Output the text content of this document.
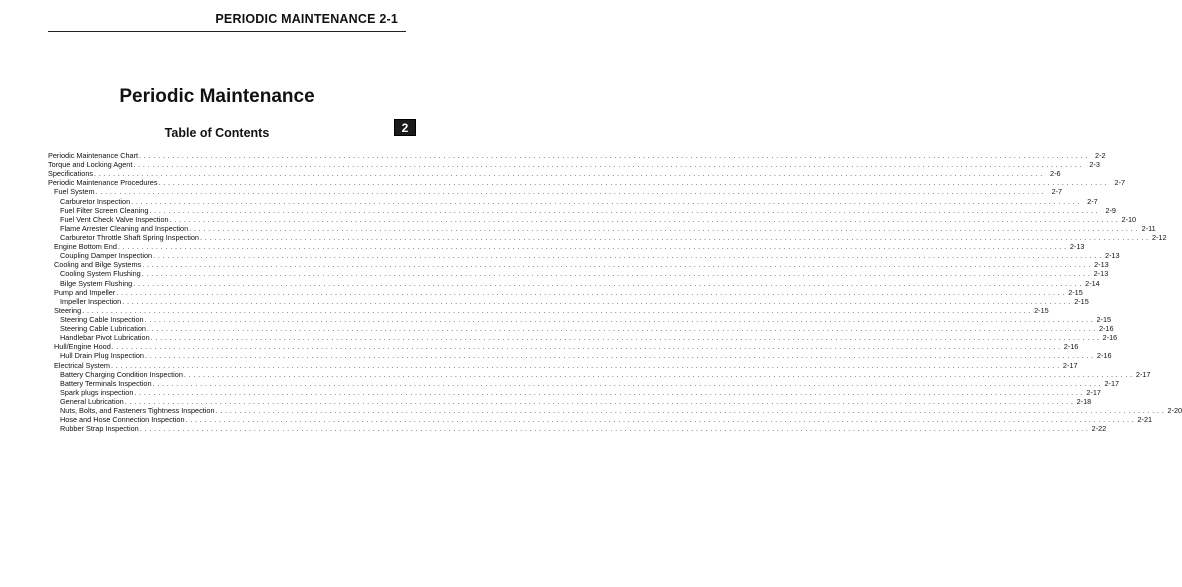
PERIODIC MAINTENANCE 2-1
2
Periodic Maintenance
Table of Contents
Periodic Maintenance Chart . . . . . . . . . . . . . . . . . . . . . . . . . . . . . . . . . . . . . . . . . . . . . . . . . . . . . . . . . . . . . . . . . . . . . . . . . . . . . . . . . . . . . . . . . . . . . . . . . . . . . . . . . . . . . . . . . . . . . . . . . . . . . . . . . . . . . . . . . . . . . . . . . . . . . . . . . . . . . . . . . . . . . . . . . . . . . . . . . . . . . . . . . . . . . . . . . . . . . . . .	2-2
Torque and Locking Agent . . . . . . . . . . . . . . . . . . . . . . . . . . . . . . . . . . . . . . . . . . . . . . . . . . . . . . . . . . . . . . . . . . . . . . . . . . . . . . . . . . . . . . . . . . . . . . . . . . . . . . . . . . . . . . . . . . . . . . . . . . . . . . . . . . . . . . . . . . . . . . . . . . . . . . . . . . . . . . . . . . . . . . . . . . . . . . . . . . . . . . . . . . . . . . . . . . . . . . . .	2-3
Specifications . . . . . . . . . . . . . . . . . . . . . . . . . . . . . . . . . . . . . . . . . . . . . . . . . . . . . . . . . . . . . . . . . . . . . . . . . . . . . . . . . . . . . . . . . . . . . . . . . . . . . . . . . . . . . . . . . . . . . . . . . . . . . . . . . . . . . . . . . . . . . . . . . . . . . . . . . . . . . . . . . . . . . . . . . . . . . . . . . . . . . . . . . . . . . . . . . . . . . . . .	2-6
Periodic Maintenance Procedures . . . . . . . . . . . . . . . . . . . . . . . . . . . . . . . . . . . . . . . . . . . . . . . . . . . . . . . . . . . . . . . . . . . . . . . . . . . . . . . . . . . . . . . . . . . . . . . . . . . . . . . . . . . . . . . . . . . . . . . . . . . . . . . . . . . . . . . . . . . . . . . . . . . . . . . . . . . . . . . . . . . . . . . . . . . . . . . . . . . . . . . . . . . . . . . . . . . . . . . .	2-7
Fuel System . . . . . . . . . . . . . . . . . . . . . . . . . . . . . . . . . . . . . . . . . . . . . . . . . . . . . . . . . . . . . . . . . . . . . . . . . . . . . . . . . . . . . . . . . . . . . . . . . . . . . . . . . . . . . . . . . . . . . . . . . . . . . . . . . . . . . . . . . . . . . . . . . . . . . . . . . . . . . . . . . . . . . . . . . . . . . . . . . . . . . . . . . . . . . . . . . . . . . . . .	2-7
Carburetor Inspection . . . . . . . . . . . . . . . . . . . . . . . . . . . . . . . . . . . . . . . . . . . . . . . . . . . . . . . . . . . . . . . . . . . . . . . . . . . . . . . . . . . . . . . . . . . . . . . . . . . . . . . . . . . . . . . . . . . . . . . . . . . . . . . . . . . . . . . . . . . . . . . . . . . . . . . . . . . . . . . . . . . . . . . . . . . . . . . . . . . . . . . . . . . . . . . . . . . . . . . .	2-7
Fuel Filter Screen Cleaning . . . . . . . . . . . . . . . . . . . . . . . . . . . . . . . . . . . . . . . . . . . . . . . . . . . . . . . . . . . . . . . . . . . . . . . . . . . . . . . . . . . . . . . . . . . . . . . . . . . . . . . . . . . . . . . . . . . . . . . . . . . . . . . . . . . . . . . . . . . . . . . . . . . . . . . . . . . . . . . . . . . . . . . . . . . . . . . . . . . . . . . . . . . . . . . . . . . . . . . .	2-9
Fuel Vent Check Valve Inspection . . . . . . . . . . . . . . . . . . . . . . . . . . . . . . . . . . . . . . . . . . . . . . . . . . . . . . . . . . . . . . . . . . . . . . . . . . . . . . . . . . . . . . . . . . . . . . . . . . . . . . . . . . . . . . . . . . . . . . . . . . . . . . . . . . . . . . . . . . . . . . . . . . . . . . . . . . . . . . . . . . . . . . . . . . . . . . . . . . . . . . . . . . . . . . . . . . . . . . . . 2-10
Flame Arrester Cleaning and Inspection . . . . . . . . . . . . . . . . . . . . . . . . . . . . . . . . . . . . . . . . . . . . . . . . . . . . . . . . . . . . . . . . . . . . . . . . . . . . . . . . . . . . . . . . . . . . . . . . . . . . . . . . . . . . . . . . . . . . . . . . . . . . . . . . . . . . . . . . . . . . . . . . . . . . . . . . . . . . . . . . . . . . . . . . . . . . . . . . . . . . . . . . . . . . . . . . . . . . . . . . 2-11
Carburetor Throttle Shaft Spring Inspection . . . . . . . . . . . . . . . . . . . . . . . . . . . . . . . . . . . . . . . . . . . . . . . . . . . . . . . . . . . . . . . . . . . . . . . . . . . . . . . . . . . . . . . . . . . . . . . . . . . . . . . . . . . . . . . . . . . . . . . . . . . . . . . . . . . . . . . . . . . . . . . . . . . . . . . . . . . . . . . . . . . . . . . . . . . . . . . . . . . . . . . . . . . . . . . . . . . . . . . . 2-12
Engine Bottom End . . . . . . . . . . . . . . . . . . . . . . . . . . . . . . . . . . . . . . . . . . . . . . . . . . . . . . . . . . . . . . . . . . . . . . . . . . . . . . . . . . . . . . . . . . . . . . . . . . . . . . . . . . . . . . . . . . . . . . . . . . . . . . . . . . . . . . . . . . . . . . . . . . . . . . . . . . . . . . . . . . . . . . . . . . . . . . . . . . . . . . . . . . . . . . . . . . . . . . . . 2-13
Coupling Damper Inspection . . . . . . . . . . . . . . . . . . . . . . . . . . . . . . . . . . . . . . . . . . . . . . . . . . . . . . . . . . . . . . . . . . . . . . . . . . . . . . . . . . . . . . . . . . . . . . . . . . . . . . . . . . . . . . . . . . . . . . . . . . . . . . . . . . . . . . . . . . . . . . . . . . . . . . . . . . . . . . . . . . . . . . . . . . . . . . . . . . . . . . . . . . . . . . . . . . . . . . . . 2-13
Cooling and Bilge Systems . . . . . . . . . . . . . . . . . . . . . . . . . . . . . . . . . . . . . . . . . . . . . . . . . . . . . . . . . . . . . . . . . . . . . . . . . . . . . . . . . . . . . . . . . . . . . . . . . . . . . . . . . . . . . . . . . . . . . . . . . . . . . . . . . . . . . . . . . . . . . . . . . . . . . . . . . . . . . . . . . . . . . . . . . . . . . . . . . . . . . . . . . . . . . . . . . . . . . . . . 2-13
Cooling System Flushing . . . . . . . . . . . . . . . . . . . . . . . . . . . . . . . . . . . . . . . . . . . . . . . . . . . . . . . . . . . . . . . . . . . . . . . . . . . . . . . . . . . . . . . . . . . . . . . . . . . . . . . . . . . . . . . . . . . . . . . . . . . . . . . . . . . . . . . . . . . . . . . . . . . . . . . . . . . . . . . . . . . . . . . . . . . . . . . . . . . . . . . . . . . . . . . . . . . . . . . . 2-13
Bilge System Flushing . . . . . . . . . . . . . . . . . . . . . . . . . . . . . . . . . . . . . . . . . . . . . . . . . . . . . . . . . . . . . . . . . . . . . . . . . . . . . . . . . . . . . . . . . . . . . . . . . . . . . . . . . . . . . . . . . . . . . . . . . . . . . . . . . . . . . . . . . . . . . . . . . . . . . . . . . . . . . . . . . . . . . . . . . . . . . . . . . . . . . . . . . . . . . . . . . . . . . . . . 2-14
Pump and Impeller . . . . . . . . . . . . . . . . . . . . . . . . . . . . . . . . . . . . . . . . . . . . . . . . . . . . . . . . . . . . . . . . . . . . . . . . . . . . . . . . . . . . . . . . . . . . . . . . . . . . . . . . . . . . . . . . . . . . . . . . . . . . . . . . . . . . . . . . . . . . . . . . . . . . . . . . . . . . . . . . . . . . . . . . . . . . . . . . . . . . . . . . . . . . . . . . . . . . . . . . 2-15
Impeller Inspection . . . . . . . . . . . . . . . . . . . . . . . . . . . . . . . . . . . . . . . . . . . . . . . . . . . . . . . . . . . . . . . . . . . . . . . . . . . . . . . . . . . . . . . . . . . . . . . . . . . . . . . . . . . . . . . . . . . . . . . . . . . . . . . . . . . . . . . . . . . . . . . . . . . . . . . . . . . . . . . . . . . . . . . . . . . . . . . . . . . . . . . . . . . . . . . . . . . . . . . . 2-15
Steering . . . . . . . . . . . . . . . . . . . . . . . . . . . . . . . . . . . . . . . . . . . . . . . . . . . . . . . . . . . . . . . . . . . . . . . . . . . . . . . . . . . . . . . . . . . . . . . . . . . . . . . . . . . . . . . . . . . . . . . . . . . . . . . . . . . . . . . . . . . . . . . . . . . . . . . . . . . . . . . . . . . . . . . . . . . . . . . . . . . . . . . . . . . . . . . . . . . . . . . . 2-15
Steering Cable Inspection . . . . . . . . . . . . . . . . . . . . . . . . . . . . . . . . . . . . . . . . . . . . . . . . . . . . . . . . . . . . . . . . . . . . . . . . . . . . . . . . . . . . . . . . . . . . . . . . . . . . . . . . . . . . . . . . . . . . . . . . . . . . . . . . . . . . . . . . . . . . . . . . . . . . . . . . . . . . . . . . . . . . . . . . . . . . . . . . . . . . . . . . . . . . . . . . . . . . . . . . 2-15
Steering Cable Lubrication . . . . . . . . . . . . . . . . . . . . . . . . . . . . . . . . . . . . . . . . . . . . . . . . . . . . . . . . . . . . . . . . . . . . . . . . . . . . . . . . . . . . . . . . . . . . . . . . . . . . . . . . . . . . . . . . . . . . . . . . . . . . . . . . . . . . . . . . . . . . . . . . . . . . . . . . . . . . . . . . . . . . . . . . . . . . . . . . . . . . . . . . . . . . . . . . . . . . . . . . 2-16
Handlebar Pivot Lubrication . . . . . . . . . . . . . . . . . . . . . . . . . . . . . . . . . . . . . . . . . . . . . . . . . . . . . . . . . . . . . . . . . . . . . . . . . . . . . . . . . . . . . . . . . . . . . . . . . . . . . . . . . . . . . . . . . . . . . . . . . . . . . . . . . . . . . . . . . . . . . . . . . . . . . . . . . . . . . . . . . . . . . . . . . . . . . . . . . . . . . . . . . . . . . . . . . . . . . . . . 2-16
Hull/Engine Hood . . . . . . . . . . . . . . . . . . . . . . . . . . . . . . . . . . . . . . . . . . . . . . . . . . . . . . . . . . . . . . . . . . . . . . . . . . . . . . . . . . . . . . . . . . . . . . . . . . . . . . . . . . . . . . . . . . . . . . . . . . . . . . . . . . . . . . . . . . . . . . . . . . . . . . . . . . . . . . . . . . . . . . . . . . . . . . . . . . . . . . . . . . . . . . . . . . . . . . . . 2-16
Hull Drain Plug Inspection . . . . . . . . . . . . . . . . . . . . . . . . . . . . . . . . . . . . . . . . . . . . . . . . . . . . . . . . . . . . . . . . . . . . . . . . . . . . . . . . . . . . . . . . . . . . . . . . . . . . . . . . . . . . . . . . . . . . . . . . . . . . . . . . . . . . . . . . . . . . . . . . . . . . . . . . . . . . . . . . . . . . . . . . . . . . . . . . . . . . . . . . . . . . . . . . . . . . . . . . 2-16
Electrical System . . . . . . . . . . . . . . . . . . . . . . . . . . . . . . . . . . . . . . . . . . . . . . . . . . . . . . . . . . . . . . . . . . . . . . . . . . . . . . . . . . . . . . . . . . . . . . . . . . . . . . . . . . . . . . . . . . . . . . . . . . . . . . . . . . . . . . . . . . . . . . . . . . . . . . . . . . . . . . . . . . . . . . . . . . . . . . . . . . . . . . . . . . . . . . . . . . . . . . . . 2-17
Battery Charging Condition Inspection . . . . . . . . . . . . . . . . . . . . . . . . . . . . . . . . . . . . . . . . . . . . . . . . . . . . . . . . . . . . . . . . . . . . . . . . . . . . . . . . . . . . . . . . . . . . . . . . . . . . . . . . . . . . . . . . . . . . . . . . . . . . . . . . . . . . . . . . . . . . . . . . . . . . . . . . . . . . . . . . . . . . . . . . . . . . . . . . . . . . . . . . . . . . . . . . . . . . . . . . 2-17
Battery Terminals Inspection . . . . . . . . . . . . . . . . . . . . . . . . . . . . . . . . . . . . . . . . . . . . . . . . . . . . . . . . . . . . . . . . . . . . . . . . . . . . . . . . . . . . . . . . . . . . . . . . . . . . . . . . . . . . . . . . . . . . . . . . . . . . . . . . . . . . . . . . . . . . . . . . . . . . . . . . . . . . . . . . . . . . . . . . . . . . . . . . . . . . . . . . . . . . . . . . . . . . . . . . 2-17
Spark plugs inspection . . . . . . . . . . . . . . . . . . . . . . . . . . . . . . . . . . . . . . . . . . . . . . . . . . . . . . . . . . . . . . . . . . . . . . . . . . . . . . . . . . . . . . . . . . . . . . . . . . . . . . . . . . . . . . . . . . . . . . . . . . . . . . . . . . . . . . . . . . . . . . . . . . . . . . . . . . . . . . . . . . . . . . . . . . . . . . . . . . . . . . . . . . . . . . . . . . . . . . . . 2-17
General Lubrication . . . . . . . . . . . . . . . . . . . . . . . . . . . . . . . . . . . . . . . . . . . . . . . . . . . . . . . . . . . . . . . . . . . . . . . . . . . . . . . . . . . . . . . . . . . . . . . . . . . . . . . . . . . . . . . . . . . . . . . . . . . . . . . . . . . . . . . . . . . . . . . . . . . . . . . . . . . . . . . . . . . . . . . . . . . . . . . . . . . . . . . . . . . . . . . . . . . . . . . . 2-18
Nuts, Bolts, and Fasteners Tightness Inspection . . . . . . . . . . . . . . . . . . . . . . . . . . . . . . . . . . . . . . . . . . . . . . . . . . . . . . . . . . . . . . . . . . . . . . . . . . . . . . . . . . . . . . . . . . . . . . . . . . . . . . . . . . . . . . . . . . . . . . . . . . . . . . . . . . . . . . . . . . . . . . . . . . . . . . . . . . . . . . . . . . . . . . . . . . . . . . . . . . . . . . . . . . . . . . . . . . . . . . . . 2-20
Hose and Hose Connection Inspection . . . . . . . . . . . . . . . . . . . . . . . . . . . . . . . . . . . . . . . . . . . . . . . . . . . . . . . . . . . . . . . . . . . . . . . . . . . . . . . . . . . . . . . . . . . . . . . . . . . . . . . . . . . . . . . . . . . . . . . . . . . . . . . . . . . . . . . . . . . . . . . . . . . . . . . . . . . . . . . . . . . . . . . . . . . . . . . . . . . . . . . . . . . . . . . . . . . . . . . . 2-21
Rubber Strap Inspection . . . . . . . . . . . . . . . . . . . . . . . . . . . . . . . . . . . . . . . . . . . . . . . . . . . . . . . . . . . . . . . . . . . . . . . . . . . . . . . . . . . . . . . . . . . . . . . . . . . . . . . . . . . . . . . . . . . . . . . . . . . . . . . . . . . . . . . . . . . . . . . . . . . . . . . . . . . . . . . . . . . . . . . . . . . . . . . . . . . . . . . . . . . . . . . . . . . . . . . . 2-22
